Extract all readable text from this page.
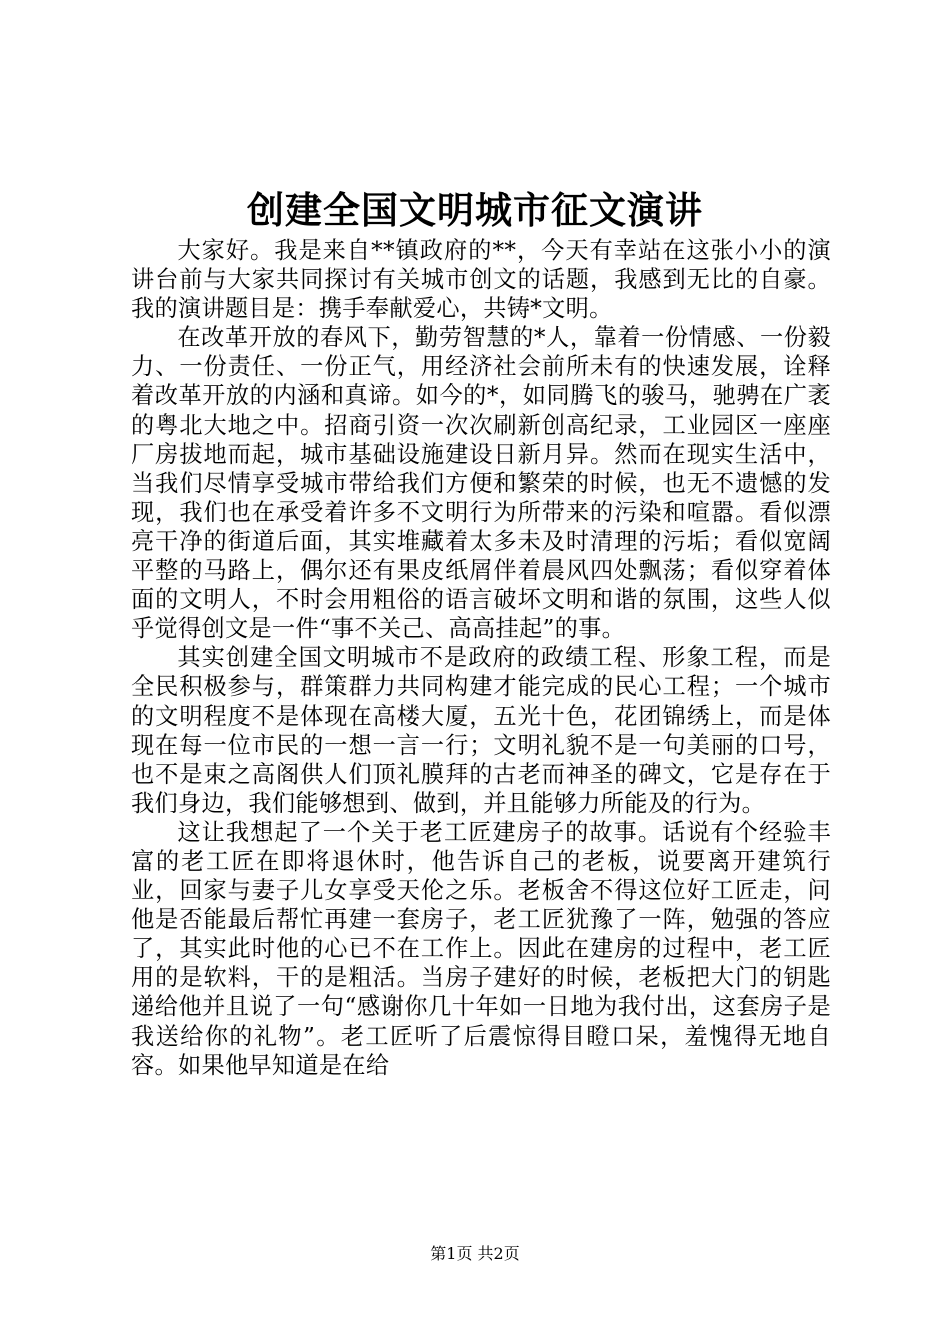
创建全国文明城市征文演讲

大家好。我是来自**镇政府的**，今天有幸站在这张小小的演讲台前与大家共同探讨有关城市创文的话题，我感到无比的自豪。我的演讲题目是：携手奉献爱心，共铸*文明。

在改革开放的春风下，勤劳智慧的*人，靠着一份情感、一份毅力、一份责任、一份正气，用经济社会前所未有的快速发展，诠释着改革开放的内涵和真谛。如今的*，如同腾飞的骏马，驰骋在广袤的粤北大地之中。招商引资一次次刷新创高纪录，工业园区一座座厂房拔地而起，城市基础设施建设日新月异。然而在现实生活中，当我们尽情享受城市带给我们方便和繁荣的时候，也无不遗憾的发现，我们也在承受着许多不文明行为所带来的污染和喧嚣。看似漂亮干净的街道后面，其实堆藏着太多未及时清理的污垢；看似宽阔平整的马路上，偶尔还有果皮纸屑伴着晨风四处飘荡；看似穿着体面的文明人，不时会用粗俗的语言破坏文明和谐的氛围，这些人似乎觉得创文是一件“事不关己、高高挂起”的事。

其实创建全国文明城市不是政府的政绩工程、形象工程，而是全民积极参与，群策群力共同构建才能完成的民心工程；一个城市的文明程度不是体现在高楼大厦，五光十色，花团锦绣上，而是体现在每一位市民的一想一言一行；文明礼貌不是一句美丽的口号，也不是束之高阁供人们顶礼膜拜的古老而神圣的碑文，它是存在于我们身边，我们能够想到、做到，并且能够力所能及的行为。

这让我想起了一个关于老工匠建房子的故事。话说有个经验丰富的老工匠在即将退休时，他告诉自己的老板，说要离开建筑行业，回家与妻子儿女享受天伦之乐。老板舍不得这位好工匠走，问他是否能最后帮忙再建一套房子，老工匠犹豫了一阵，勉强的答应了，其实此时他的心已不在工作上。因此在建房的过程中，老工匠用的是软料，干的是粗活。当房子建好的时候，老板把大门的钥匙递给他并且说了一句“感谢你几十年如一日地为我付出，这套房子是我送给你的礼物”。老工匠听了后震惊得目瞪口呆，羞愧得无地自容。如果他早知道是在给

第1页 共2页
